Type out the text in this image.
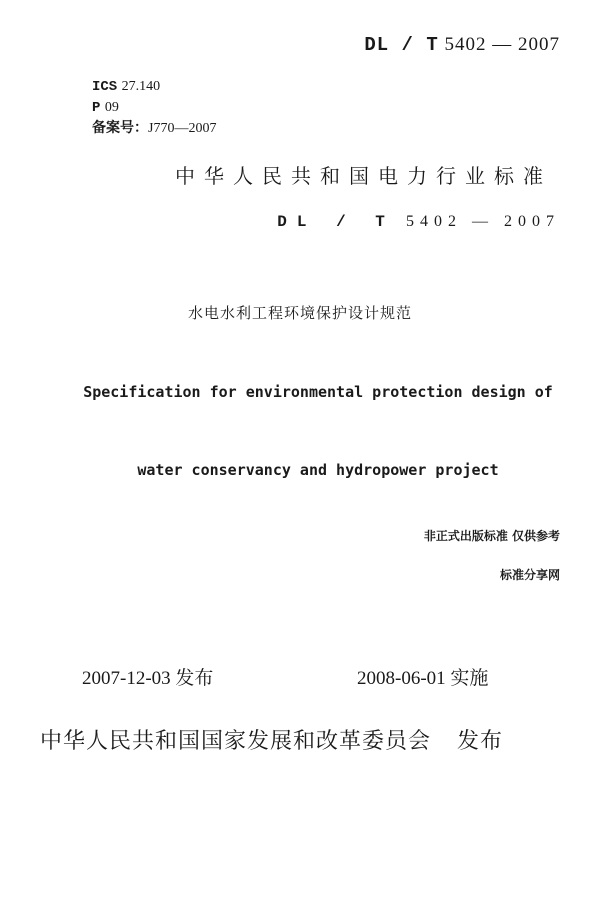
DL / T 5402 — 2007
ICS 27.140
P 09
备案号：J770—2007
中华人民共和国电力行业标准
DL / T 5402 — 2007
水电水利工程环境保护设计规范
Specification for environmental protection design of
water conservancy and hydropower project
非正式出版标准 仅供参考
标准分享网
2007-12-03 发布	2008-06-01 实施
中华人民共和国国家发展和改革委员会 发布
